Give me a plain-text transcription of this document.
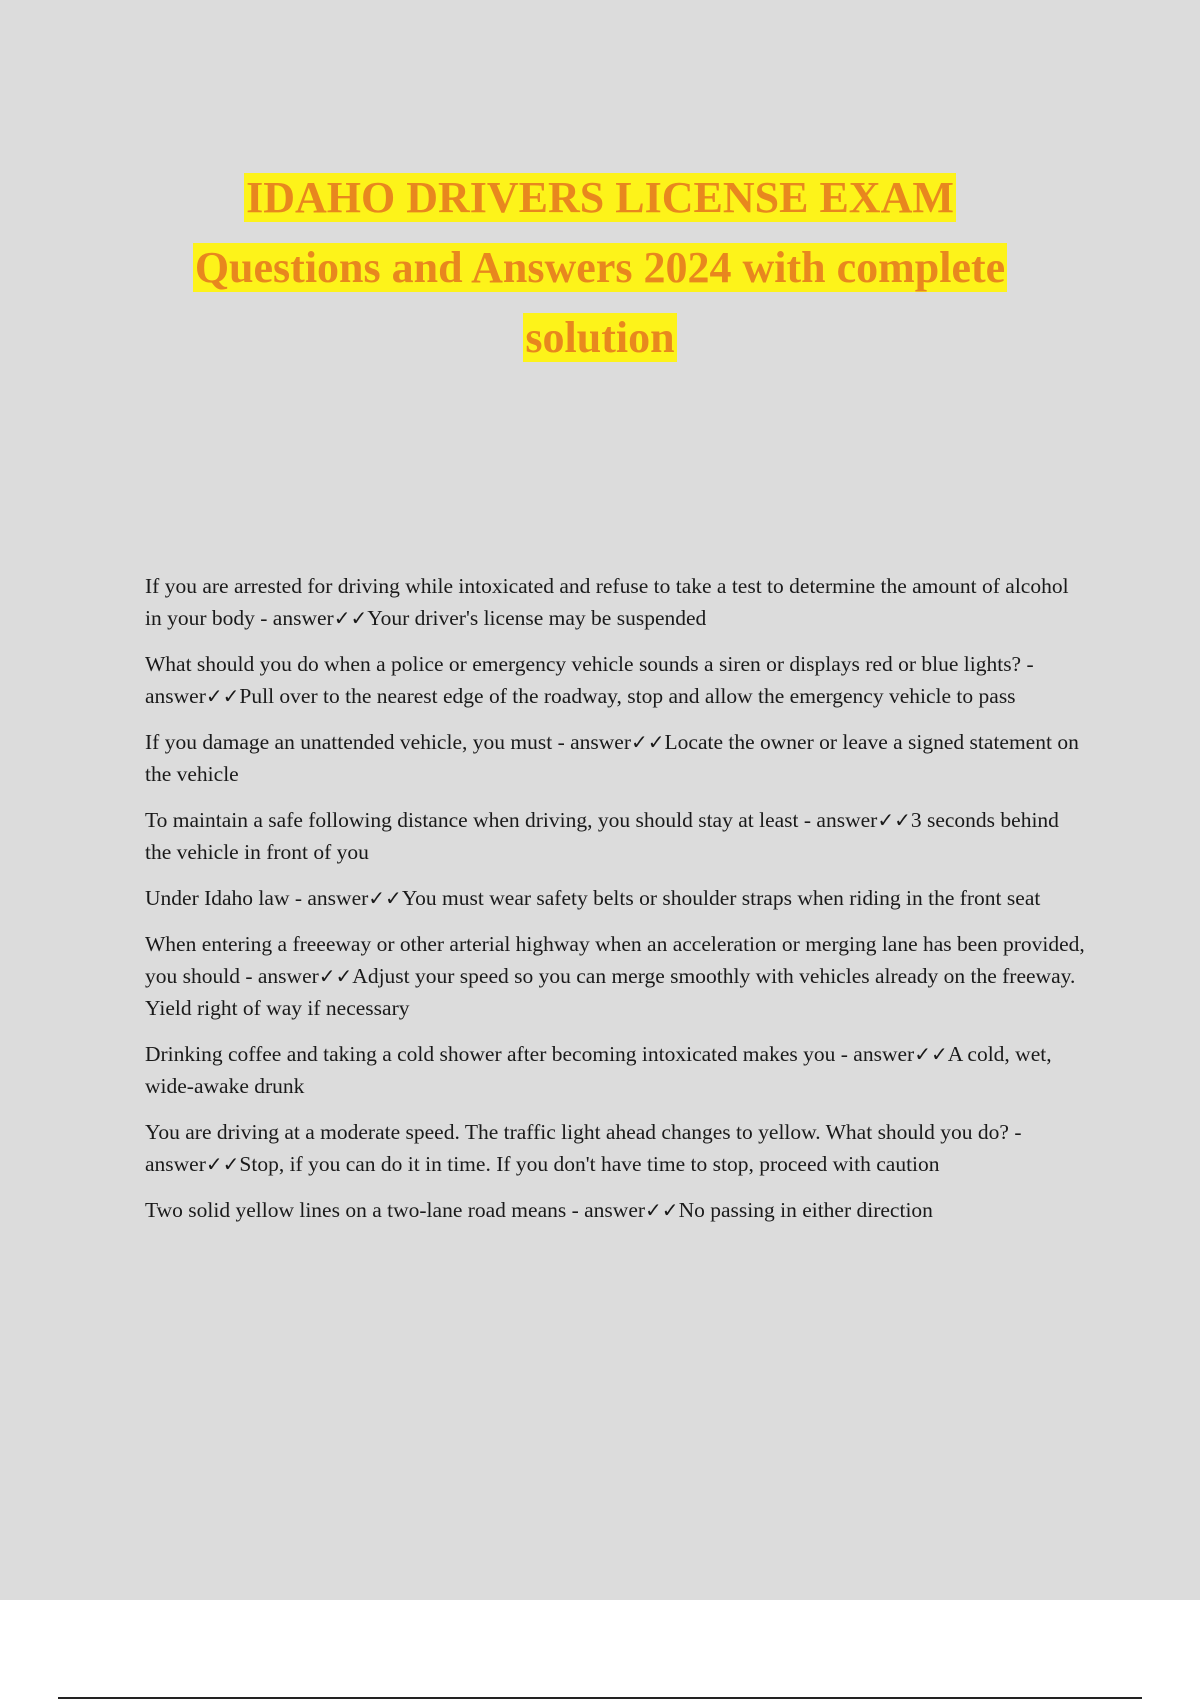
IDAHO DRIVERS LICENSE EXAM

Questions and Answers 2024 with complete

solution

If you are arrested for driving while intoxicated and refuse to take a test to determine the amount of alcohol in your body - answer✓✓Your driver's license may be suspended
What should you do when a police or emergency vehicle sounds a siren or displays red or blue lights? - answer✓✓Pull over to the nearest edge of the roadway, stop and allow the emergency vehicle to pass
If you damage an unattended vehicle, you must - answer✓✓Locate the owner or leave a signed statement on the vehicle
To maintain a safe following distance when driving, you should stay at least - answer✓✓3 seconds behind the vehicle in front of you
Under Idaho law - answer✓✓You must wear safety belts or shoulder straps when riding in the front seat
When entering a freeeway or other arterial highway when an acceleration or merging lane has been provided, you should - answer✓✓Adjust your speed so you can merge smoothly with vehicles already on the freeway. Yield right of way if necessary
Drinking coffee and taking a cold shower after becoming intoxicated makes you - answer✓✓A cold, wet, wide-awake drunk
You are driving at a moderate speed. The traffic light ahead changes to yellow. What should you do? - answer✓✓Stop, if you can do it in time. If you don't have time to stop, proceed with caution
Two solid yellow lines on a two-lane road means - answer✓✓No passing in either direction
